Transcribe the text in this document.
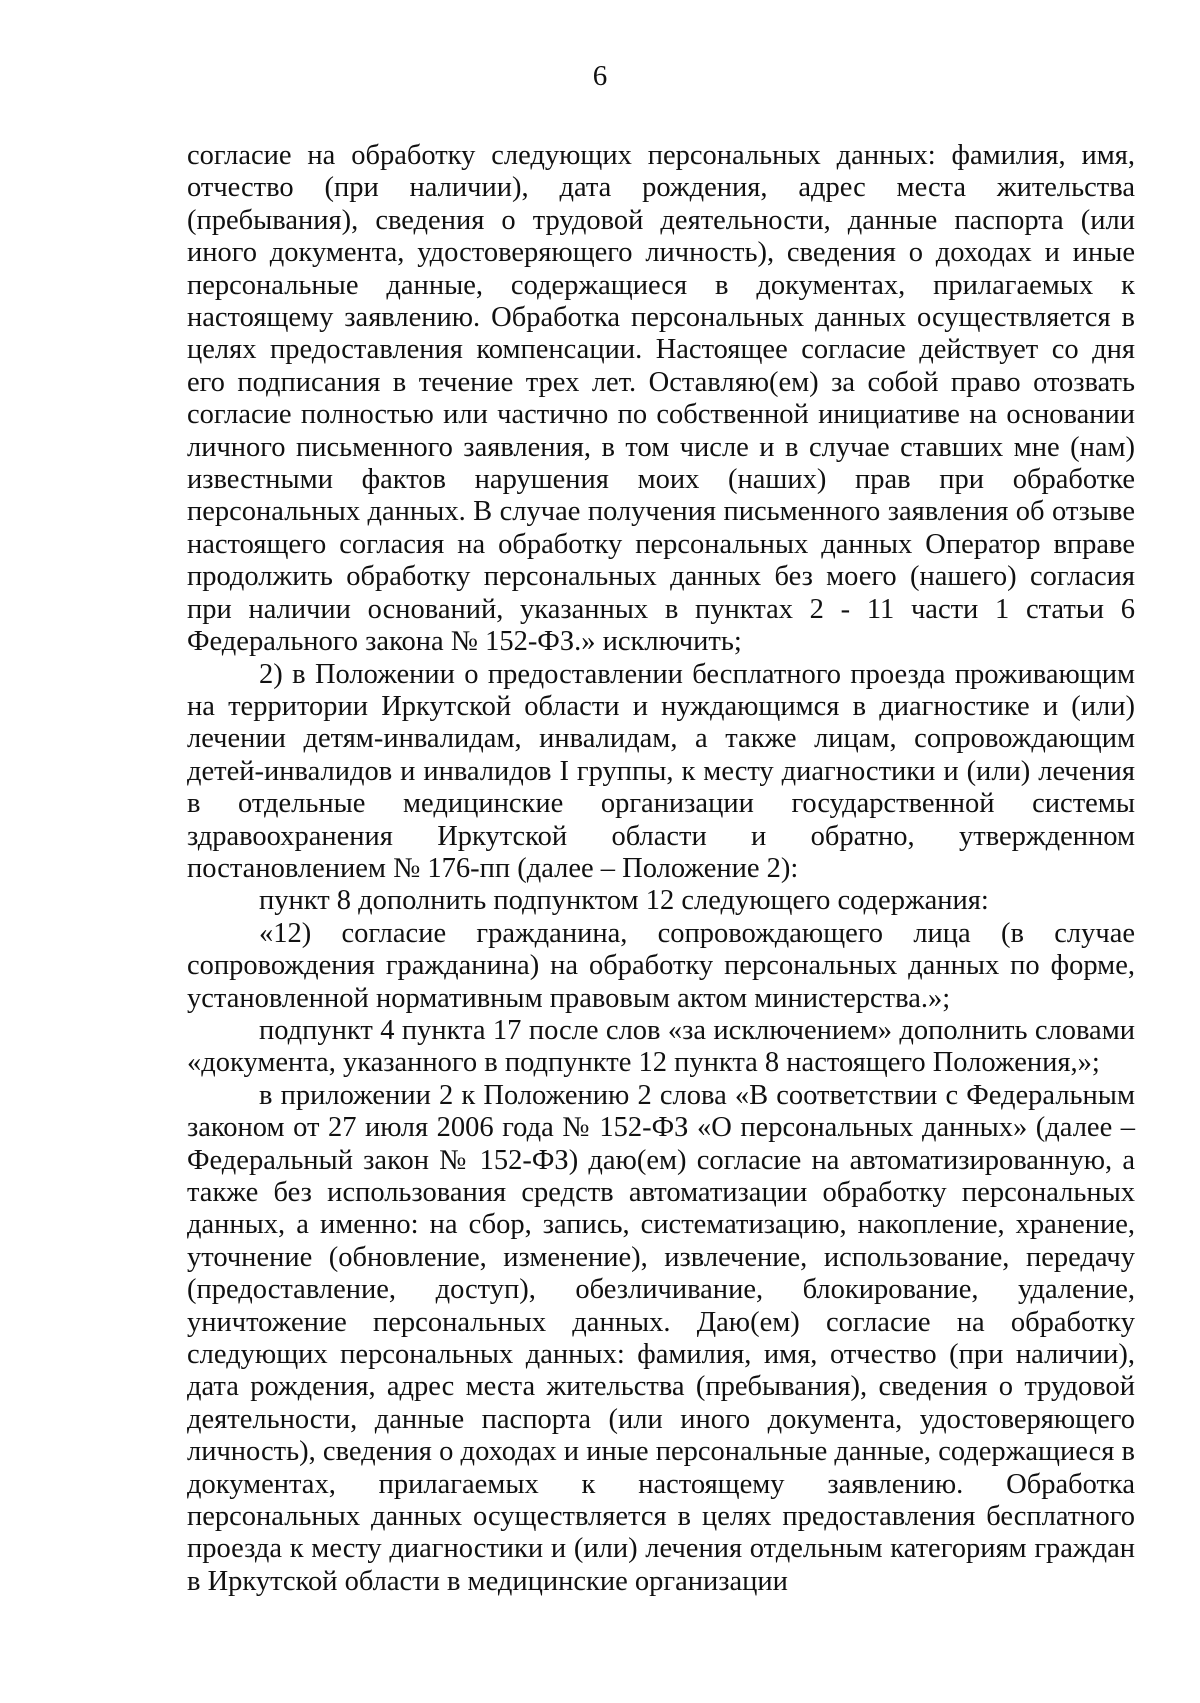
6

согласие на обработку следующих персональных данных: фамилия, имя, отчество (при наличии), дата рождения, адрес места жительства (пребывания), сведения о трудовой деятельности, данные паспорта (или иного документа, удостоверяющего личность), сведения о доходах и иные персональные данные, содержащиеся в документах, прилагаемых к настоящему заявлению. Обработка персональных данных осуществляется в целях предоставления компенсации. Настоящее согласие действует со дня его подписания в течение трех лет. Оставляю(ем) за собой право отозвать согласие полностью или частично по собственной инициативе на основании личного письменного заявления, в том числе и в случае ставших мне (нам) известными фактов нарушения моих (наших) прав при обработке персональных данных. В случае получения письменного заявления об отзыве настоящего согласия на обработку персональных данных Оператор вправе продолжить обработку персональных данных без моего (нашего) согласия при наличии оснований, указанных в пунктах 2 - 11 части 1 статьи 6 Федерального закона № 152-ФЗ.» исключить;

2) в Положении о предоставлении бесплатного проезда проживающим на территории Иркутской области и нуждающимся в диагностике и (или) лечении детям-инвалидам, инвалидам, а также лицам, сопровождающим детей-инвалидов и инвалидов I группы, к месту диагностики и (или) лечения в отдельные медицинские организации государственной системы здравоохранения Иркутской области и обратно, утвержденном постановлением № 176-пп (далее – Положение 2):

пункт 8 дополнить подпунктом 12 следующего содержания:

«12) согласие гражданина, сопровождающего лица (в случае сопровождения гражданина) на обработку персональных данных по форме, установленной нормативным правовым актом министерства.»;

подпункт 4 пункта 17 после слов «за исключением» дополнить словами «документа, указанного в подпункте 12 пункта 8 настоящего Положения,»;

в приложении 2 к Положению 2 слова «В соответствии с Федеральным законом от 27 июля 2006 года № 152-ФЗ «О персональных данных» (далее – Федеральный закон № 152-ФЗ) даю(ем) согласие на автоматизированную, а также без использования средств автоматизации обработку персональных данных, а именно: на сбор, запись, систематизацию, накопление, хранение, уточнение (обновление, изменение), извлечение, использование, передачу (предоставление, доступ), обезличивание, блокирование, удаление, уничтожение персональных данных. Даю(ем) согласие на обработку следующих персональных данных: фамилия, имя, отчество (при наличии), дата рождения, адрес места жительства (пребывания), сведения о трудовой деятельности, данные паспорта (или иного документа, удостоверяющего личность), сведения о доходах и иные персональные данные, содержащиеся в документах, прилагаемых к настоящему заявлению. Обработка персональных данных осуществляется в целях предоставления бесплатного проезда к месту диагностики и (или) лечения отдельным категориям граждан в Иркутской области в медицинские организации
